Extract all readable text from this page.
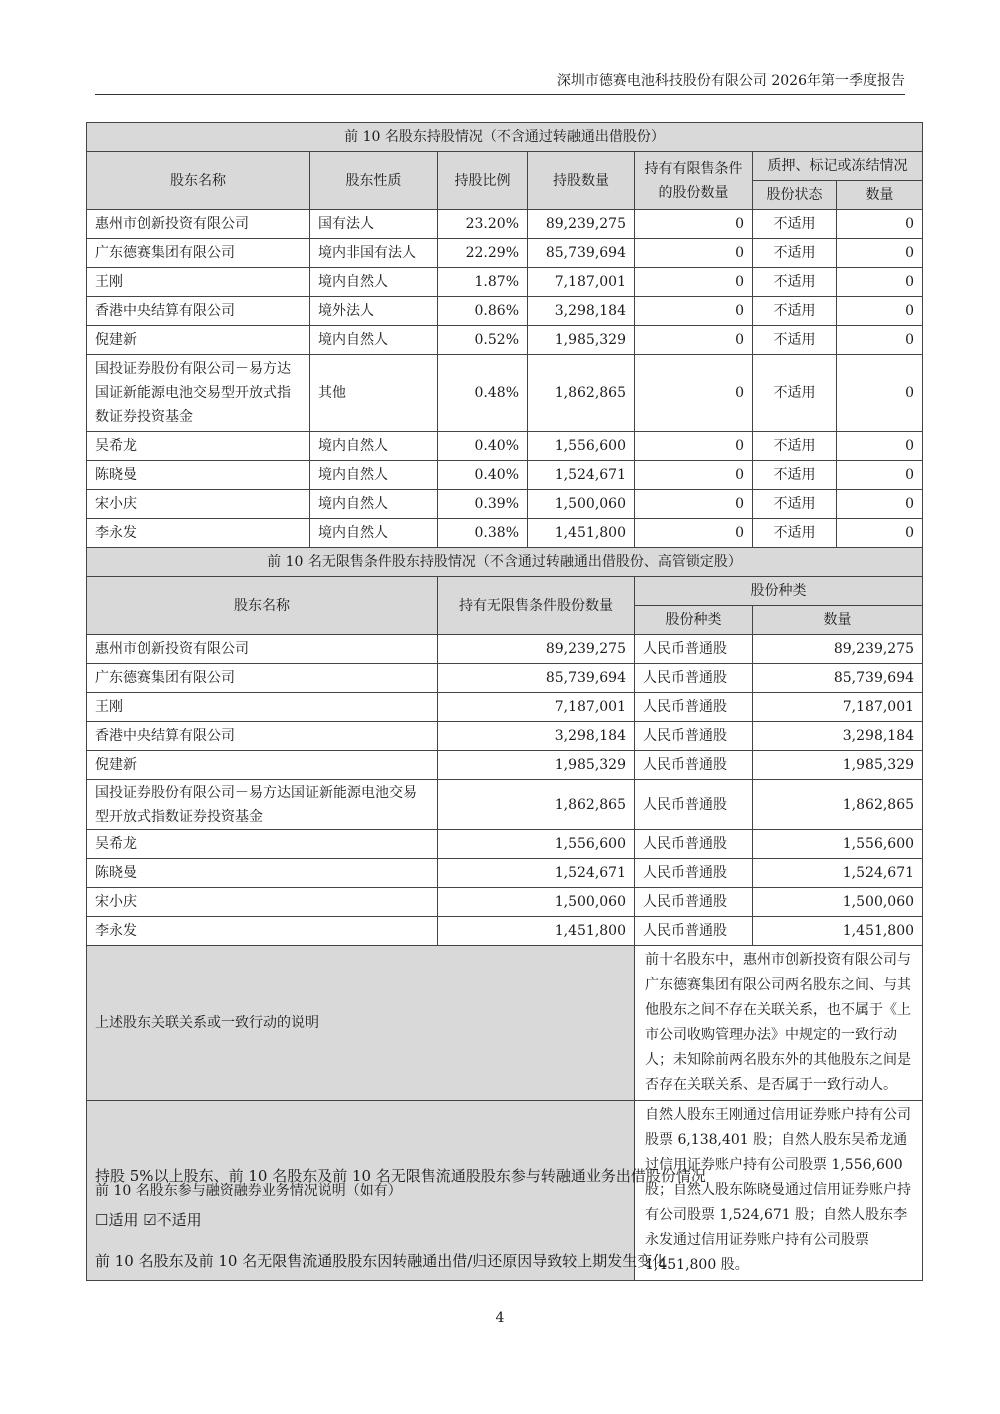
深圳市德赛电池科技股份有限公司 2026年第一季度报告
前 10 名股东持股情况（不含通过转融通出借股份）						
股东名称	股东性质	持股比例	持股数量	持有有限售条件的股份数量	质押、标记或冻结情况	
					股份状态	数量
惠州市创新投资有限公司	国有法人	23.20%	89,239,275	0	不适用	0
广东德赛集团有限公司	境内非国有法人	22.29%	85,739,694	0	不适用	0
王刚	境内自然人	1.87%	7,187,001	0	不适用	0
香港中央结算有限公司	境外法人	0.86%	3,298,184	0	不适用	0
倪建新	境内自然人	0.52%	1,985,329	0	不适用	0
国投证券股份有限公司－易方达国证新能源电池交易型开放式指数证券投资基金	其他	0.48%	1,862,865	0	不适用	0
吴希龙	境内自然人	0.40%	1,556,600	0	不适用	0
陈晓曼	境内自然人	0.40%	1,524,671	0	不适用	0
宋小庆	境内自然人	0.39%	1,500,060	0	不适用	0
李永发	境内自然人	0.38%	1,451,800	0	不适用	0
前 10 名无限售条件股东持股情况（不含通过转融通出借股份、高管锁定股）			
股东名称	持有无限售条件股份数量	股份种类	
		股份种类	数量
惠州市创新投资有限公司	89,239,275	人民币普通股	89,239,275
广东德赛集团有限公司	85,739,694	人民币普通股	85,739,694
王刚	7,187,001	人民币普通股	7,187,001
香港中央结算有限公司	3,298,184	人民币普通股	3,298,184
倪建新	1,985,329	人民币普通股	1,985,329
国投证券股份有限公司－易方达国证新能源电池交易型开放式指数证券投资基金	1,862,865	人民币普通股	1,862,865
吴希龙	1,556,600	人民币普通股	1,556,600
陈晓曼	1,524,671	人民币普通股	1,524,671
宋小庆	1,500,060	人民币普通股	1,500,060
李永发	1,451,800	人民币普通股	1,451,800
上述股东关联关系或一致行动的说明		前十名股东中，惠州市创新投资有限公司与广东德赛集团有限公司两名股东之间、与其他股东之间不存在关联关系，也不属于《上市公司收购管理办法》中规定的一致行动人；未知除前两名股东外的其他股东之间是否存在关联关系、是否属于一致行动人。	
前 10 名股东参与融资融券业务情况说明（如有）		自然人股东王刚通过信用证券账户持有公司股票 6,138,401 股；自然人股东吴希龙通过信用证券账户持有公司股票 1,556,600 股；自然人股东陈晓曼通过信用证券账户持有公司股票 1,524,671 股；自然人股东李永发通过信用证券账户持有公司股票 1,451,800 股。	
持股 5%以上股东、前 10 名股东及前 10 名无限售流通股股东参与转融通业务出借股份情况
☐适用 ☑不适用
前 10 名股东及前 10 名无限售流通股股东因转融通出借/归还原因导致较上期发生变化
4
